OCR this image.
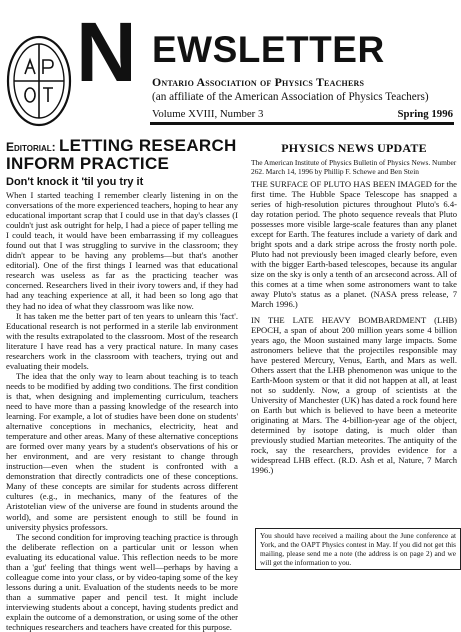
N EWSLETTER
Ontario Association of Physics Teachers
(an affiliate of the American Association of Physics Teachers)
Volume XVIII, Number 3	Spring 1996
Editorial: LETTING RESEARCH
INFORM PRACTICE
Don't knock it 'til you try it

When I started teaching I remember clearly listening in on the conversations of the more experienced teachers, hoping to hear any educational important scrap that I could use in that day's classes (I couldn't just ask outright for help, I had a piece of paper telling me I could teach, it would have been embarrassing if my colleagues found out that I was struggling to survive in the classroom; they didn't appear to be having any problems—but that's another editorial). One of the first things I learned was that educational research was useless as far as the practicing teacher was concerned. Researchers lived in their ivory towers and, if they had had any teaching experience at all, it had been so long ago that they had no idea of what they classroom was like now.

It has taken me the better part of ten years to unlearn this 'fact'. Educational research is not performed in a sterile lab environment with the results extrapolated to the classroom. Most of the research literature I have read has a very practical nature. In many cases researchers work in the classroom with teachers, trying out and evaluating their models.

The idea that the only way to learn about teaching is to teach needs to be modified by adding two conditions. The first condition is that, when designing and implementing curriculum, teachers need to have more than a passing knowledge of the research into learning. For example, a lot of studies have been done on students' alternative conceptions in mechanics, electricity, heat and temperature and other areas. Many of these alternative conceptions are formed over many years by a student's observations of his or her environment, and are very resistant to change through instruction—even when the student is confronted with a demonstration that directly contradicts one of these conceptions. Many of these concepts are similar for students across different cultures (e.g., in mechanics, many of the features of the Aristotelian view of the universe are found in students around the world), and some are persistent enough to still be found in university physics professors.

The second condition for improving teaching practice is through the deliberate reflection on a particular unit or lesson when evaluating its educational value. This reflection needs to be more than a 'gut' feeling that things went well—perhaps by having a colleague come into your class, or by video-taping some of the key lessons during a unit. Evaluation of the students needs to be more than a summative paper and pencil test. It might include interviewing students about a concept, having students predict and explain the outcome of a demonstration, or using some of the other techniques researchers and teachers have created for this purpose.

PHYSICS NEWS UPDATE
The American Institute of Physics Bulletin of Physics News. Number 262. March 14, 1996 by Phillip F. Schewe and Ben Stein

THE SURFACE OF PLUTO HAS BEEN IMAGED for the first time. The Hubble Space Telescope has snapped a series of high-resolution pictures throughout Pluto's 6.4-day rotation period. The photo sequence reveals that Pluto possesses more visible large-scale features than any planet except for Earth. The features include a variety of dark and bright spots and a dark stripe across the frosty north pole. Pluto had not previously been imaged clearly before, even with the bigger Earth-based telescopes, because its angular size on the sky is only a tenth of an arcsecond across. All of this comes at a time when some astronomers want to take away Pluto's status as a planet. (NASA press release, 7 March 1996.)

IN THE LATE HEAVY BOMBARDMENT (LHB) EPOCH, a span of about 200 million years some 4 billion years ago, the Moon sustained many large impacts. Some astronomers believe that the projectiles responsible may have pestered Mercury, Venus, Earth, and Mars as well. Others assert that the LHB phenomenon was unique to the Earth-Moon system or that it did not happen at all, at least not so suddenly. Now, a group of scientists at the University of Manchester (UK) has dated a rock found here on Earth but which is believed to have been a meteorite originating at Mars. The 4-billion-year age of the object, determined by isotope dating, is much older than previously studied Martian meteorites. The antiquity of the rock, say the researchers, provides evidence for a widespread LHB effect. (R.D. Ash et al, Nature, 7 March 1996.)

You should have received a mailing about the June conference at York, and the OAPT Physics contest in May. If you did not get this mailing, please send me a note (the address is on page 2) and we will get the information to you.
